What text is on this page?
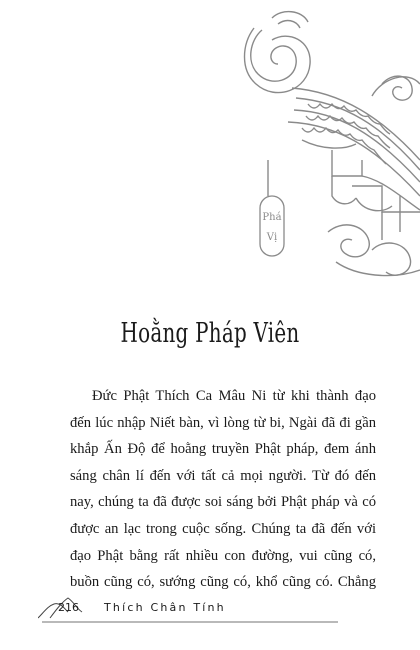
Phá
Vị
Hoằng Pháp Viên
Đức Phật Thích Ca Mâu Ni từ khi thành đạo
đến lúc nhập Niết bàn, vì lòng từ bi, Ngài đã đi gần
khắp Ấn Độ để hoằng truyền Phật pháp, đem ánh
sáng chân lí đến với tất cả mọi người. Từ đó đến
nay, chúng ta đã được soi sáng bởi Phật pháp và có
được an lạc trong cuộc sống. Chúng ta đã đến với
đạo Phật bằng rất nhiều con đường, vui cũng có,
buồn cũng có, sướng cũng có, khổ cũng có. Chẳng
216 Thích Chân Tính
